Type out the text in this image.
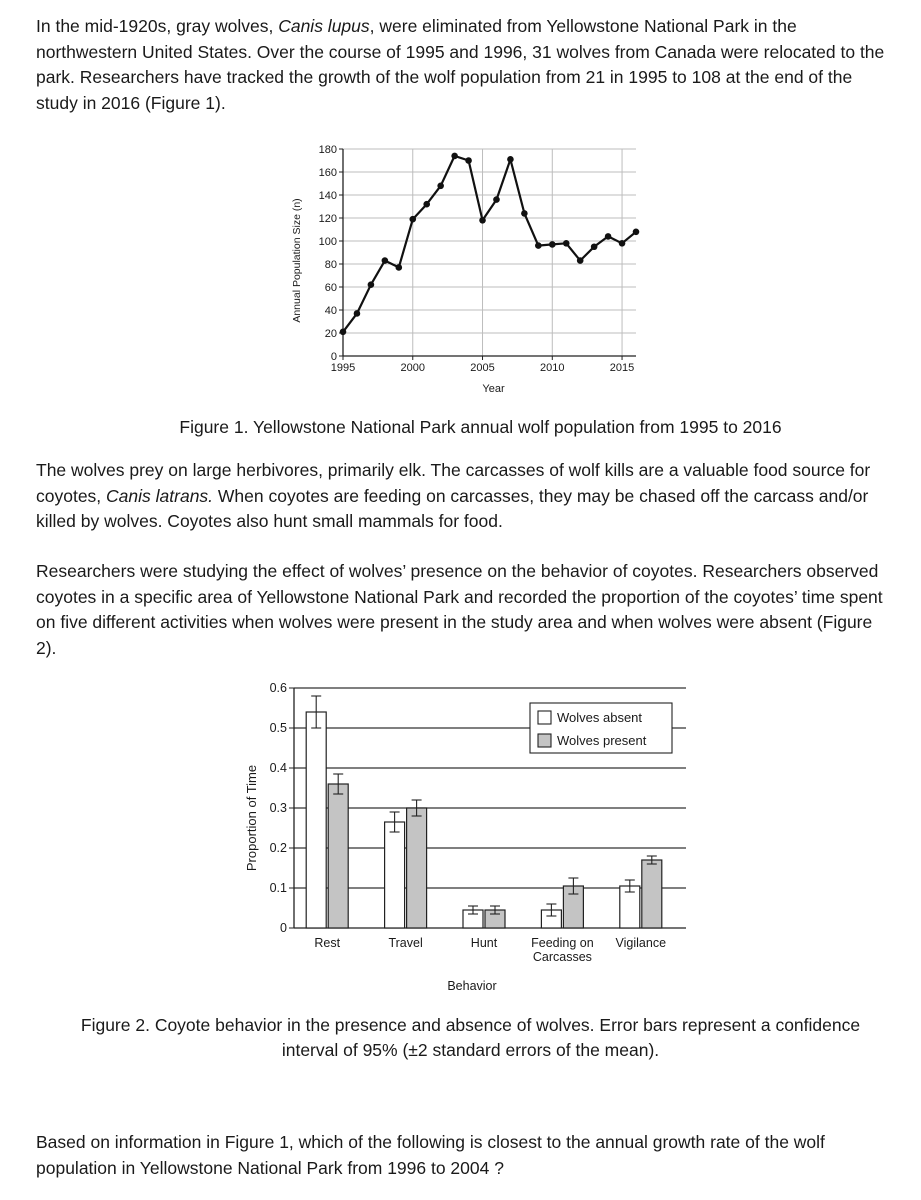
In the mid-1920s, gray wolves, Canis lupus, were eliminated from Yellowstone National Park in the northwestern United States. Over the course of 1995 and 1996, 31 wolves from Canada were relocated to the park. Researchers have tracked the growth of the wolf population from 21 in 1995 to 108 at the end of the study in 2016 (Figure 1).

0
20
40
60
80
100
120
140
160
180
1995	2000	2005	2010	2015
Year
Annual Population Size (n)

Figure 1. Yellowstone National Park annual wolf population from 1995 to 2016

The wolves prey on large herbivores, primarily elk. The carcasses of wolf kills are a valuable food source for coyotes, Canis latrans. When coyotes are feeding on carcasses, they may be chased off the carcass and/or killed by wolves. Coyotes also hunt small mammals for food.

Researchers were studying the effect of wolves’ presence on the behavior of coyotes. Researchers observed coyotes in a specific area of Yellowstone National Park and recorded the proportion of the coyotes’ time spent on five different activities when wolves were present in the study area and when wolves were absent (Figure 2).

0
0.1
0.2
0.3
0.4
0.5
0.6
Rest	Travel	Hunt	Feeding on
Carcasses
Vigilance
Behavior
Proportion of Time
Wolves absent
Wolves present

Figure 2. Coyote behavior in the presence and absence of wolves. Error bars represent a confidence
interval of 95% (±2 standard errors of the mean).

Based on information in Figure 1, which of the following is closest to the annual growth rate of the wolf population in Yellowstone National Park from 1996 to 2004 ?
